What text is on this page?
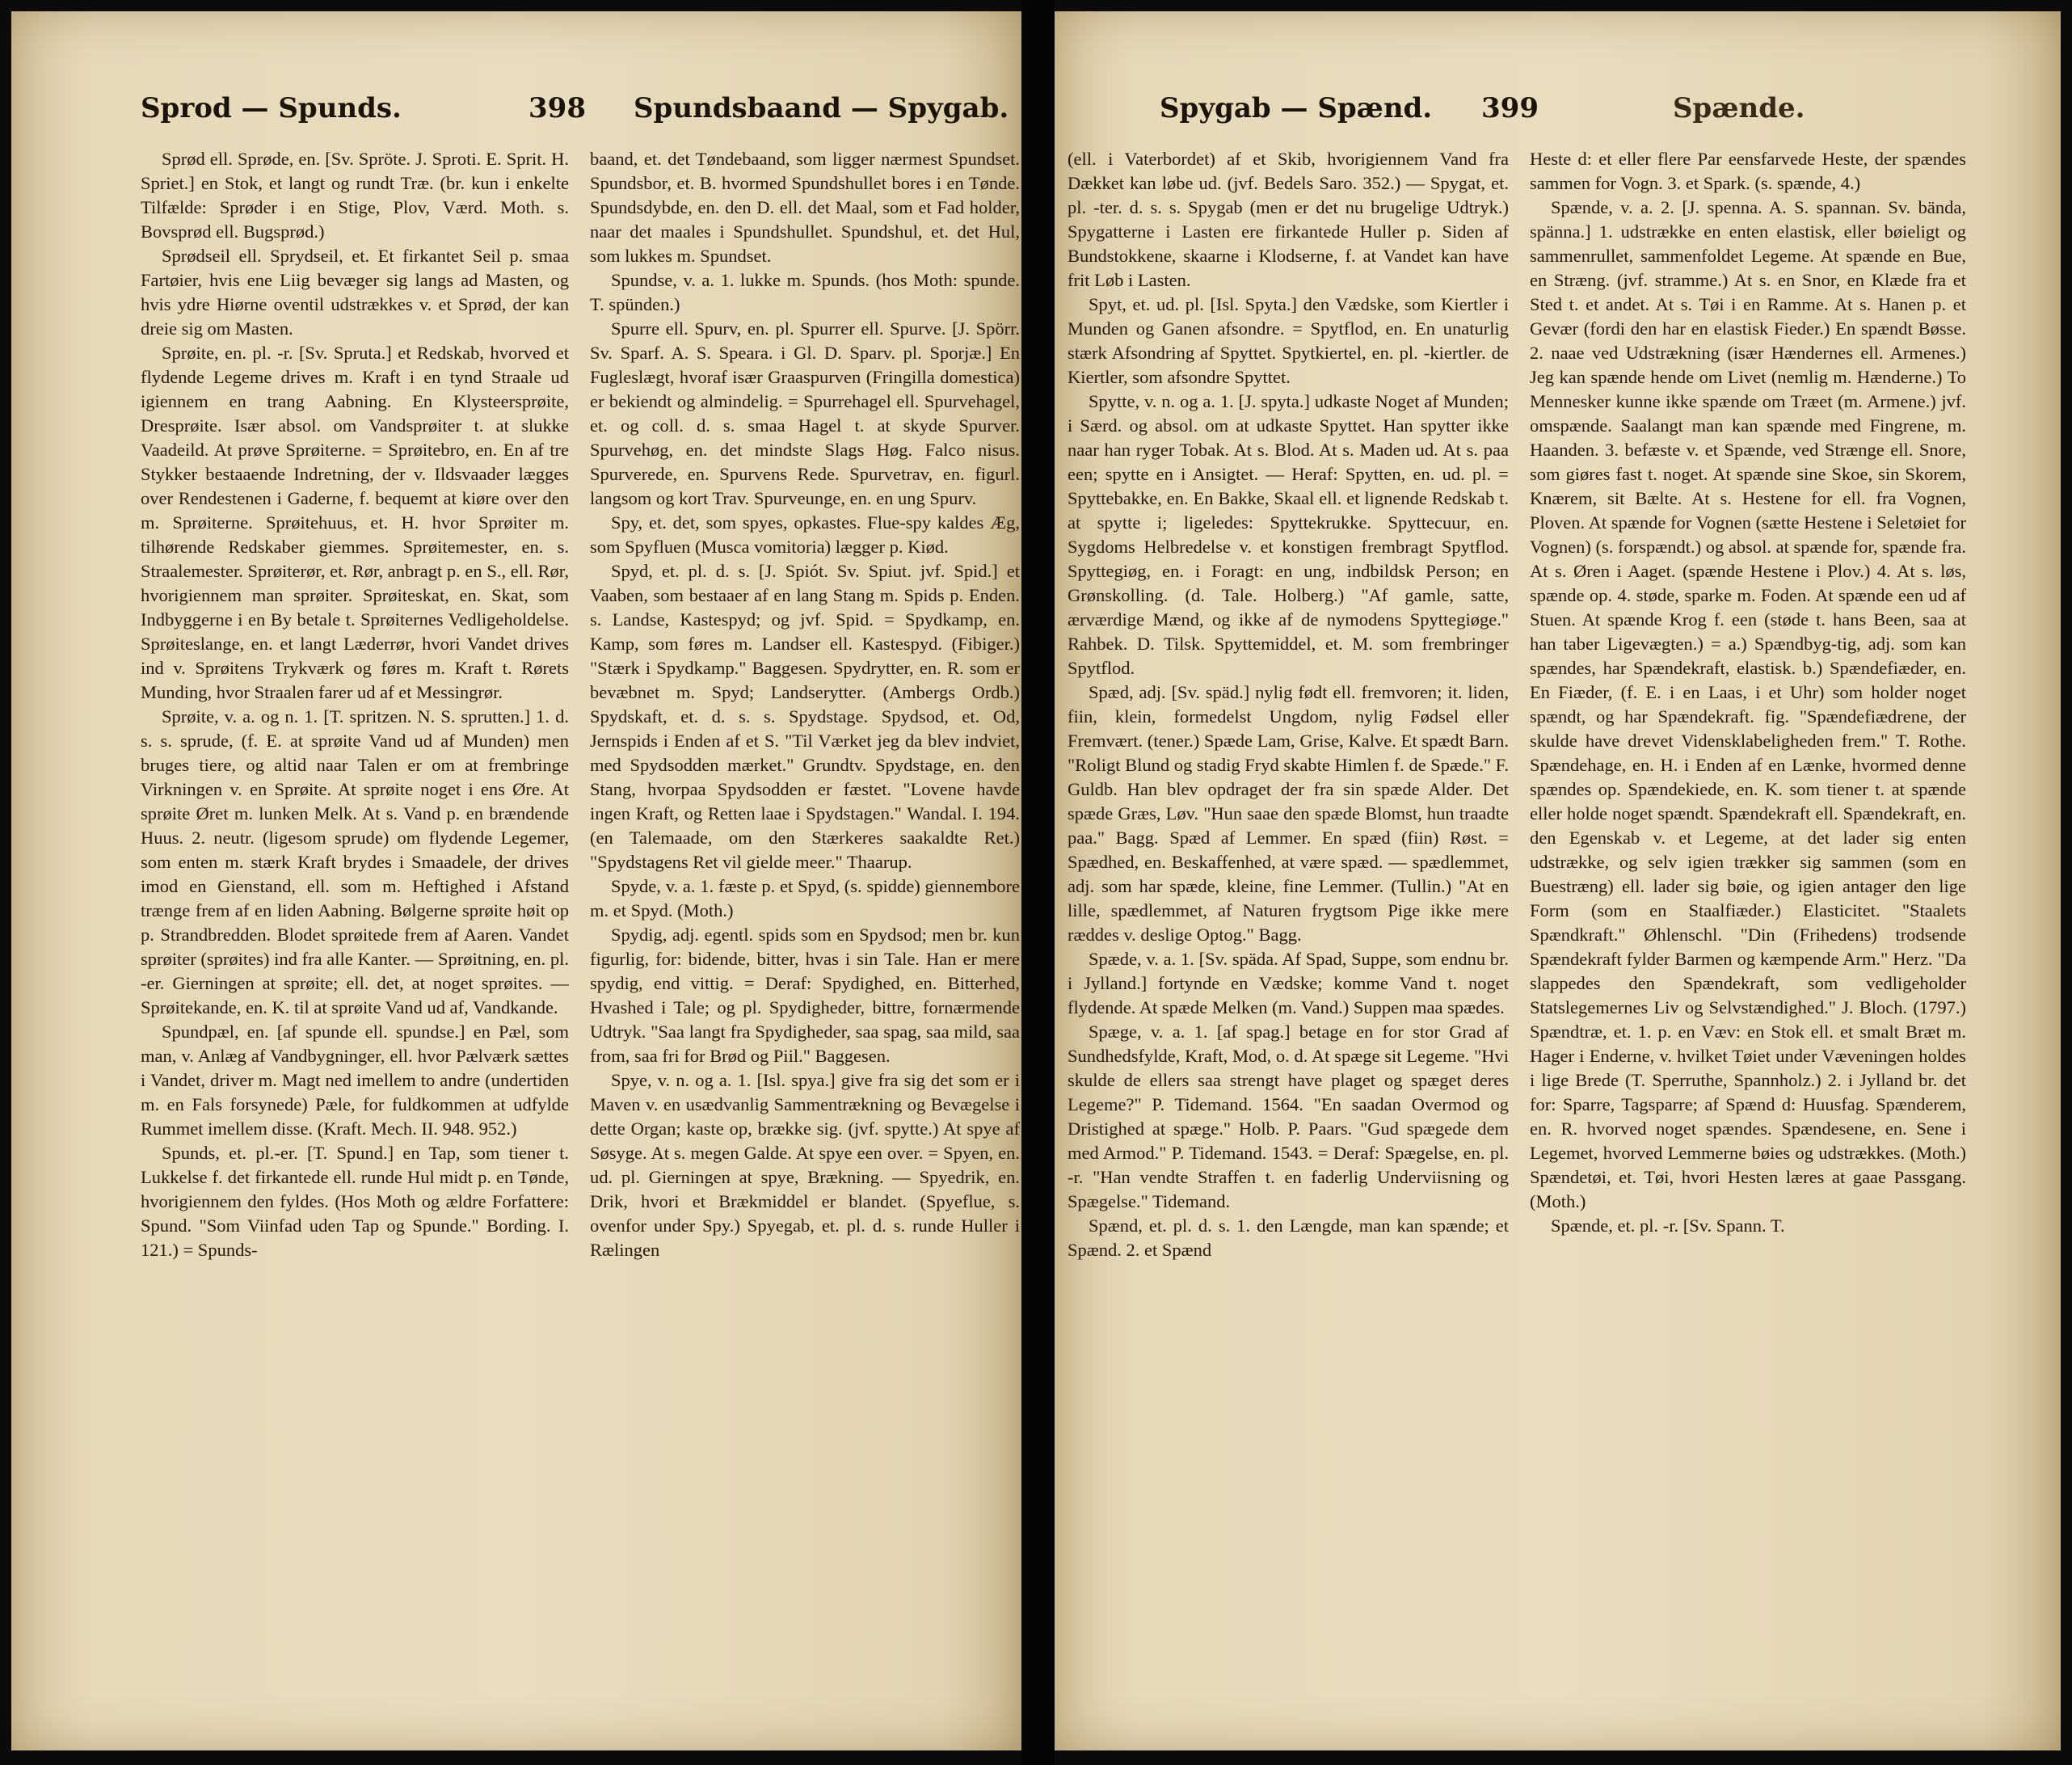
Sprod — Spunds.	398 Spundsbaand — Spygab.

Sprød ell. Sprøde, en. [Sv. Spröte. J. Sproti. E. Sprit. H. Spriet.] en Stok, et langt og rundt Træ. (br. kun i enkelte Tilfælde: Sprøder i en Stige, Plov, Værd. Moth. s. Bovsprød ell. Bugsprød.)

Sprødseil ell. Sprydseil, et. Et firkantet Seil p. smaa Fartøier, hvis ene Liig bevæger sig langs ad Masten, og hvis ydre Hiørne oventil udstrækkes v. et Sprød, der kan dreie sig om Masten.

Sprøite, en. pl. -r. [Sv. Spruta.] et Redskab, hvorved et flydende Legeme drives m. Kraft i en tynd Straale ud igiennem en trang Aabning. En Klysteersprøite, Dresprøite. Især absol. om Vandsprøiter t. at slukke Vaadeild. At prøve Sprøiterne. = Sprøitebro, en. En af tre Stykker bestaaende Indretning, der v. Ildsvaader lægges over Rendestenen i Gaderne, f. bequemt at kiøre over den m. Sprøiterne. Sprøitehuus, et. H. hvor Sprøiter m. tilhørende Redskaber giemmes. Sprøitemester, en. s. Straalemester. Sprøiterør, et. Rør, anbragt p. en S., ell. Rør, hvorigiennem man sprøiter. Sprøiteskat, en. Skat, som Indbyggerne i en By betale t. Sprøiternes Vedligeholdelse. Sprøiteslange, en. et langt Læderrør, hvori Vandet drives ind v. Sprøitens Trykværk og føres m. Kraft t. Rørets Munding, hvor Straalen farer ud af et Messingrør.

Sprøite, v. a. og n. 1. [T. spritzen. N. S. sprutten.] 1. d. s. s. sprude, (f. E. at sprøite Vand ud af Munden) men bruges tiere, og altid naar Talen er om at frembringe Virkningen v. en Sprøite. At sprøite noget i ens Øre. At sprøite Øret m. lunken Melk. At s. Vand p. en brændende Huus. 2. neutr. (ligesom sprude) om flydende Legemer, som enten m. stærk Kraft brydes i Smaadele, der drives imod en Gienstand, ell. som m. Heftighed i Afstand trænge frem af en liden Aabning. Bølgerne sprøite høit op p. Strandbredden. Blodet sprøitede frem af Aaren. Vandet sprøiter (sprøites) ind fra alle Kanter. — Sprøitning, en. pl. -er. Gierningen at sprøite; ell. det, at noget sprøites. — Sprøitekande, en. K. til at sprøite Vand ud af, Vandkande.

Spundpæl, en. [af spunde ell. spundse.] en Pæl, som man, v. Anlæg af Vandbygninger, ell. hvor Pælværk sættes i Vandet, driver m. Magt ned imellem to andre (undertiden m. en Fals forsynede) Pæle, for fuldkommen at udfylde Rummet imellem disse. (Kraft. Mech. II. 948. 952.)

Spunds, et. pl.-er. [T. Spund.] en Tap, som tiener t. Lukkelse f. det firkantede ell. runde Hul midt p. en Tønde, hvorigiennem den fyldes. (Hos Moth og ældre Forfattere: Spund. "Som Viinfad uden Tap og Spunde." Bording. I. 121.) = Spunds-

baand, et. det Tøndebaand, som ligger nærmest Spundset. Spundsbor, et. B. hvormed Spundshullet bores i en Tønde. Spundsdybde, en. den D. ell. det Maal, som et Fad holder, naar det maales i Spundshullet. Spundshul, et. det Hul, som lukkes m. Spundset.

Spundse, v. a. 1. lukke m. Spunds. (hos Moth: spunde. T. spünden.)

Spurre ell. Spurv, en. pl. Spurrer ell. Spurve. [J. Spörr. Sv. Sparf. A. S. Speara. i Gl. D. Sparv. pl. Sporjæ.] En Fugleslægt, hvoraf især Graaspurven (Fringilla domestica) er bekiendt og almindelig. = Spurrehagel ell. Spurvehagel, et. og coll. d. s. smaa Hagel t. at skyde Spurver. Spurvehøg, en. det mindste Slags Høg. Falco nisus. Spurverede, en. Spurvens Rede. Spurvetrav, en. figurl. langsom og kort Trav. Spurveunge, en. en ung Spurv.

Spy, et. det, som spyes, opkastes. Flue-spy kaldes Æg, som Spyfluen (Musca vomitoria) lægger p. Kiød.

Spyd, et. pl. d. s. [J. Spiót. Sv. Spiut. jvf. Spid.] et Vaaben, som bestaaer af en lang Stang m. Spids p. Enden. s. Landse, Kastespyd; og jvf. Spid. = Spydkamp, en. Kamp, som føres m. Landser ell. Kastespyd. (Fibiger.) "Stærk i Spydkamp." Baggesen. Spydrytter, en. R. som er bevæbnet m. Spyd; Landserytter. (Ambergs Ordb.) Spydskaft, et. d. s. s. Spydstage. Spydsod, et. Od, Jernspids i Enden af et S. "Til Værket jeg da blev indviet, med Spydsodden mærket." Grundtv. Spydstage, en. den Stang, hvorpaa Spydsodden er fæstet. "Lovene havde ingen Kraft, og Retten laae i Spydstagen." Wandal. I. 194. (en Talemaade, om den Stærkeres saakaldte Ret.) "Spydstagens Ret vil gielde meer." Thaarup.

Spyde, v. a. 1. fæste p. et Spyd, (s. spidde) giennembore m. et Spyd. (Moth.)

Spydig, adj. egentl. spids som en Spydsod; men br. kun figurlig, for: bidende, bitter, hvas i sin Tale. Han er mere spydig, end vittig. = Deraf: Spydighed, en. Bitterhed, Hvashed i Tale; og pl. Spydigheder, bittre, fornærmende Udtryk. "Saa langt fra Spydigheder, saa spag, saa mild, saa from, saa fri for Brød og Piil." Baggesen.

Spye, v. n. og a. 1. [Isl. spya.] give fra sig det som er i Maven v. en usædvanlig Sammentrækning og Bevægelse i dette Organ; kaste op, brække sig. (jvf. spytte.) At spye af Søsyge. At s. megen Galde. At spye een over. = Spyen, en. ud. pl. Gierningen at spye, Brækning. — Spyedrik, en. Drik, hvori et Brækmiddel er blandet. (Spyeflue, s. ovenfor under Spy.) Spyegab, et. pl. d. s. runde Huller i Rælingen

Spygab — Spænd. 399	Spænde.

(ell. i Vaterbordet) af et Skib, hvorigiennem Vand fra Dækket kan løbe ud. (jvf. Bedels Saro. 352.) — Spygat, et. pl. -ter. d. s. s. Spygab (men er det nu brugelige Udtryk.) Spygatterne i Lasten ere firkantede Huller p. Siden af Bundstokkene, skaarne i Klodserne, f. at Vandet kan have frit Løb i Lasten.

Spyt, et. ud. pl. [Isl. Spyta.] den Vædske, som Kiertler i Munden og Ganen afsondre. = Spytflod, en. En unaturlig stærk Afsondring af Spyttet. Spytkiertel, en. pl. -kiertler. de Kiertler, som afsondre Spyttet.

Spytte, v. n. og a. 1. [J. spyta.] udkaste Noget af Munden; i Særd. og absol. om at udkaste Spyttet. Han spytter ikke naar han ryger Tobak. At s. Blod. At s. Maden ud. At s. paa een; spytte en i Ansigtet. — Heraf: Spytten, en. ud. pl. = Spyttebakke, en. En Bakke, Skaal ell. et lignende Redskab t. at spytte i; ligeledes: Spyttekrukke. Spyttecuur, en. Sygdoms Helbredelse v. et konstigen frembragt Spytflod. Spyttegiøg, en. i Foragt: en ung, indbildsk Person; en Grønskolling. (d. Tale. Holberg.) "Af gamle, satte, ærværdige Mænd, og ikke af de nymodens Spyttegiøge." Rahbek. D. Tilsk. Spyttemiddel, et. M. som frembringer Spytflod.

Spæd, adj. [Sv. späd.] nylig født ell. fremvoren; it. liden, fiin, klein, formedelst Ungdom, nylig Fødsel eller Fremvært. (tener.) Spæde Lam, Grise, Kalve. Et spædt Barn. "Roligt Blund og stadig Fryd skabte Himlen f. de Spæde." F. Guldb. Han blev opdraget der fra sin spæde Alder. Det spæde Græs, Løv. "Hun saae den spæde Blomst, hun traadte paa." Bagg. Spæd af Lemmer. En spæd (fiin) Røst. = Spædhed, en. Beskaffenhed, at være spæd. — spædlemmet, adj. som har spæde, kleine, fine Lemmer. (Tullin.) "At en lille, spædlemmet, af Naturen frygtsom Pige ikke mere ræddes v. deslige Optog." Bagg.

Spæde, v. a. 1. [Sv. späda. Af Spad, Suppe, som endnu br. i Jylland.] fortynde en Vædske; komme Vand t. noget flydende. At spæde Melken (m. Vand.) Suppen maa spædes.

Spæge, v. a. 1. [af spag.] betage en for stor Grad af Sundhedsfylde, Kraft, Mod, o. d. At spæge sit Legeme. "Hvi skulde de ellers saa strengt have plaget og spæget deres Legeme?" P. Tidemand. 1564. "En saadan Overmod og Dristighed at spæge." Holb. P. Paars. "Gud spægede dem med Armod." P. Tidemand. 1543. = Deraf: Spægelse, en. pl. -r. "Han vendte Straffen t. en faderlig Underviisning og Spægelse." Tidemand.

Spænd, et. pl. d. s. 1. den Længde, man kan spænde; et Spænd. 2. et Spænd

Heste d: et eller flere Par eensfarvede Heste, der spændes sammen for Vogn. 3. et Spark. (s. spænde, 4.)

Spænde, v. a. 2. [J. spenna. A. S. spannan. Sv. bända, spänna.] 1. udstrække en enten elastisk, eller bøieligt og sammenrullet, sammenfoldet Legeme. At spænde en Bue, en Stræng. (jvf. stramme.) At s. en Snor, en Klæde fra et Sted t. et andet. At s. Tøi i en Ramme. At s. Hanen p. et Gevær (fordi den har en elastisk Fieder.) En spændt Bøsse. 2. naae ved Udstrækning (især Hændernes ell. Armenes.) Jeg kan spænde hende om Livet (nemlig m. Hænderne.) To Mennesker kunne ikke spænde om Træet (m. Armene.) jvf. omspænde. Saalangt man kan spænde med Fingrene, m. Haanden. 3. befæste v. et Spænde, ved Strænge ell. Snore, som giøres fast t. noget. At spænde sine Skoe, sin Skorem, Knærem, sit Bælte. At s. Hestene for ell. fra Vognen, Ploven. At spænde for Vognen (sætte Hestene i Seletøiet for Vognen) (s. forspændt.) og absol. at spænde for, spænde fra. At s. Øren i Aaget. (spænde Hestene i Plov.) 4. At s. løs, spænde op. 4. støde, sparke m. Foden. At spænde een ud af Stuen. At spænde Krog f. een (støde t. hans Been, saa at han taber Ligevægten.) = a.) Spændbyg-tig, adj. som kan spændes, har Spændekraft, elastisk. b.) Spændefiæder, en. En Fiæder, (f. E. i en Laas, i et Uhr) som holder noget spændt, og har Spændekraft. fig. "Spændefiædrene, der skulde have drevet Vidensklabeligheden frem." T. Rothe. Spændehage, en. H. i Enden af en Lænke, hvormed denne spændes op. Spændekiede, en. K. som tiener t. at spænde eller holde noget spændt. Spændekraft ell. Spændekraft, en. den Egenskab v. et Legeme, at det lader sig enten udstrække, og selv igien trækker sig sammen (som en Buestræng) ell. lader sig bøie, og igien antager den lige Form (som en Staalfiæder.) Elasticitet. "Staalets Spændkraft." Øhlenschl. "Din (Frihedens) trodsende Spændekraft fylder Barmen og kæmpende Arm." Herz. "Da slappedes den Spændekraft, som vedligeholder Statslegemernes Liv og Selvstændighed." J. Bloch. (1797.) Spændtræ, et. 1. p. en Væv: en Stok ell. et smalt Bræt m. Hager i Enderne, v. hvilket Tøiet under Væveningen holdes i lige Brede (T. Sperruthe, Spannholz.) 2. i Jylland br. det for: Sparre, Tagsparre; af Spænd d: Huusfag. Spænderem, en. R. hvorved noget spændes. Spændesene, en. Sene i Legemet, hvorved Lemmerne bøies og udstrækkes. (Moth.) Spændetøi, et. Tøi, hvori Hesten læres at gaae Passgang. (Moth.)

Spænde, et. pl. -r. [Sv. Spann. T.
